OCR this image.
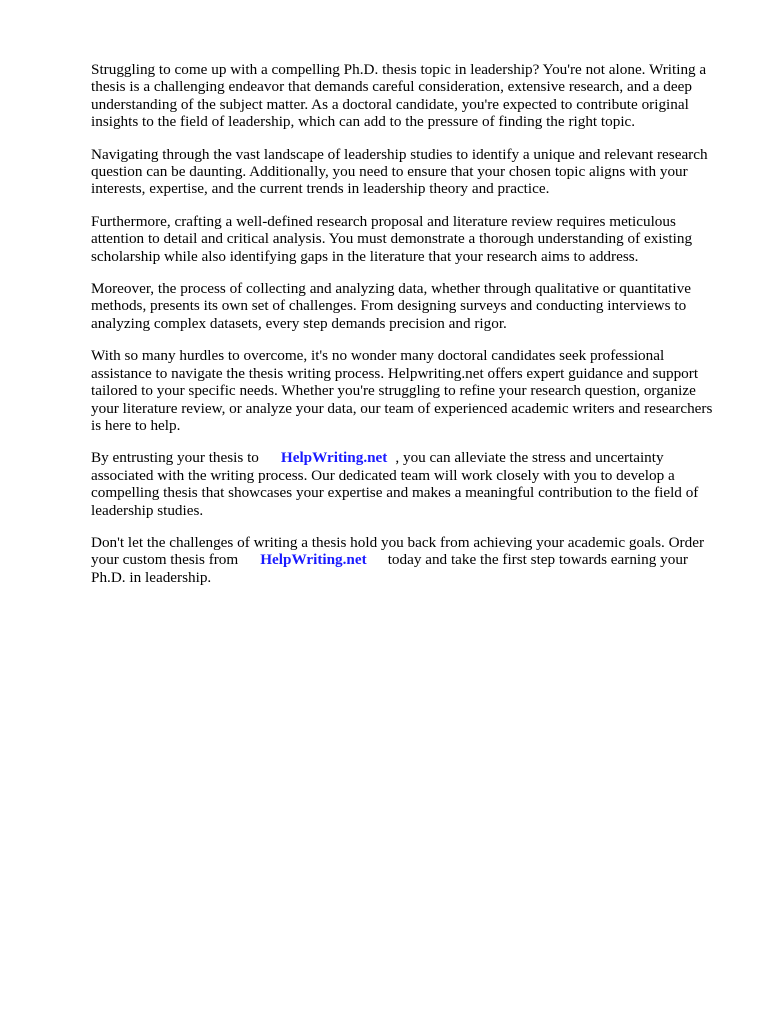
Struggling to come up with a compelling Ph.D. thesis topic in leadership? You're not alone. Writing a thesis is a challenging endeavor that demands careful consideration, extensive research, and a deep understanding of the subject matter. As a doctoral candidate, you're expected to contribute original insights to the field of leadership, which can add to the pressure of finding the right topic.

Navigating through the vast landscape of leadership studies to identify a unique and relevant research question can be daunting. Additionally, you need to ensure that your chosen topic aligns with your interests, expertise, and the current trends in leadership theory and practice.

Furthermore, crafting a well-defined research proposal and literature review requires meticulous attention to detail and critical analysis. You must demonstrate a thorough understanding of existing scholarship while also identifying gaps in the literature that your research aims to address.

Moreover, the process of collecting and analyzing data, whether through qualitative or quantitative methods, presents its own set of challenges. From designing surveys and conducting interviews to analyzing complex datasets, every step demands precision and rigor.

With so many hurdles to overcome, it's no wonder many doctoral candidates seek professional assistance to navigate the thesis writing process. Helpwriting.net offers expert guidance and support tailored to your specific needs. Whether you're struggling to refine your research question, organize your literature review, or analyze your data, our team of experienced academic writers and researchers is here to help.

By entrusting your thesis to HelpWriting.net , you can alleviate the stress and uncertainty associated with the writing process. Our dedicated team will work closely with you to develop a compelling thesis that showcases your expertise and makes a meaningful contribution to the field of leadership studies.

Don't let the challenges of writing a thesis hold you back from achieving your academic goals. Order your custom thesis from HelpWriting.net today and take the first step towards earning your Ph.D. in leadership.
